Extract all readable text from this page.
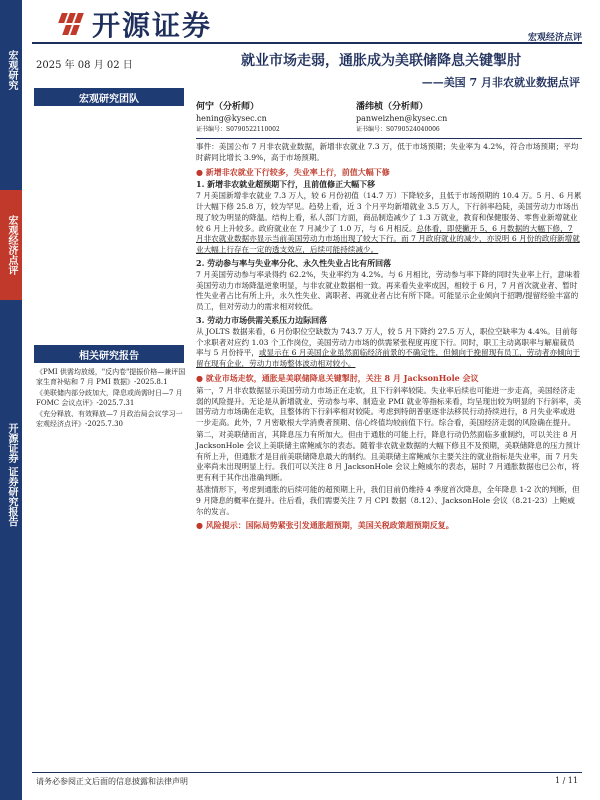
宏观研究
宏观经济点评
开源证券 证券研究报告
开源证券	宏观经济点评
2025 年 08 月 02 日
宏观研究团队
就业市场走弱，通胀成为美联储降息关键掣肘
——美国 7 月非农就业数据点评
何宁（分析师）
hening@kysec.cn
证书编号：S0790522110002
潘纬桢（分析师）
panweizhen@kysec.cn
证书编号：S0790524040006
相关研究报告
《PMI 供需均放缓，"反内卷"提振价格—兼评国家生育补贴和 7 月 PMI 数据》-2025.8.1
《美联储内部分歧加大，降息或尚需时日—7 月 FOMC 会议点评》-2025.7.31
《充分释放、有效释放—7 月政治局会议学习一宏观经济点评》-2025.7.30

事件：美国公布 7 月非农就业数据，新增非农就业 7.3 万，低于市场预期；失业率为 4.2%，符合市场预期；平均时薪同比增长 3.9%，高于市场预期。

● 新增非农就业下行较多，失业率上行，前值大幅下修
1. 新增非农就业超预期下行，且前值修正大幅下移

7 月美国新增非农就业 7.3 万人，较 6 月份初值（14.7 万）下降较多，且低于市场预期的 10.4 万。5 月、6 月累计大幅下修 25.8 万，较为罕见。趋势上看，近 3 个月平均新增就业 3.5 万人，下行斜率趋陡，美国劳动力市场出现了较为明显的降温。结构上看，私人部门方面，商品制造减少了 1.3 万就业，教育和保健服务、零售业新增就业较 6 月上升较多。政府就业在 7 月减少了 1.0 万，与 6 月相反。总体看，即使撇开 5、6 月数据的大幅下修，7 月非农就业数据亦显示当前美国劳动力市场出现了较大下行。而 7 月政府就业的减少，亦说明 6 月份的政府新增就业大幅上行存在一定的透支效应，后续可能持续减少。

2. 劳动参与率与失业率分化、永久性失业占比有所回落

7 月美国劳动参与率录得约 62.2%，失业率约为 4.2%。与 6 月相比，劳动参与率下降的同时失业率上行，意味着美国劳动力市场降温逆象明显，与非农就业数据相一致。再来看失业率成因，相较于 6 月，7 月首次就业者、暂时性失业者占比有所上升，永久性失业、离职者、再就业者占比有所下降。可能显示企业倾向于招聘/提留经验丰富的员工，但对劳动力的需求相对较低。

3. 劳动力市场供需关系压力边际回落

从 JOLTS 数据来看，6 月份职位空缺数为 743.7 万人，较 5 月下降约 27.5 万人，职位空缺率为 4.4%。目前每个求职者对应约 1.03 个工作岗位，美国劳动力市场的供需紧张程度再度下行。同时，职工主动离职率与解雇裁员率与 5 月份持平，或显示在 6 月美国企业虽然面临经济前景的不确定性，但倾向于挽留现有员工，劳动者亦倾向于留在现有企业，劳动力市场整体波动相对较小。

● 就业市场走软，通胀是美联储降息关键掣肘，关注 8 月 JacksonHole 会议

第一，7 月非农数据显示美国劳动力市场正在走软，且下行斜率较陡。失业率后续也可能进一步走高，美国经济走弱的风险提升。无论是从新增就业、劳动参与率、制造业 PMI 就业等指标来看，均呈现出较为明显的下行斜率，美国劳动力市场确在走软，且整体的下行斜率相对较陡。考虑到特朗普驱逐非法移民行动持续进行，8 月失业率或进一步走高。此外，7 月密歇根大学消费者预期、信心终值均较前值下行。综合看，美国经济走弱的风险确在提升。

第二，对美联储而言，其降息压力有所加大。但由于通胀的可能上行，降息行动仍然面临多重制约，可以关注 8 月 JacksonHole 会议上美联储主席鲍威尔的表态。随着非农就业数据的大幅下修且不及预期，美联储降息的压力预计有所上升，但通胀才是目前美联储降息最大的制约。且美联储主席鲍威尔主要关注的就业指标是失业率，而 7 月失业率尚未出现明显上行。我们可以关注 8 月 JacksonHole 会议上鲍威尔的表态，届时 7 月通胀数据也已公布，将更有利于其作出准确判断。

基准情形下，考虑到通胀的后续可能的超预期上升，我们目前仍维持 4 季度首次降息，全年降息 1-2 次的判断，但 9 月降息的概率在提升。往后看，我们需要关注 7 月 CPI 数据（8.12）、JacksonHole 会议（8.21-23）上鲍威尔的发言。

● 风险提示：国际局势紧张引发通胀超预期，美国关税政策超预期反复。
请务必参阅正文后面的信息披露和法律声明	1 / 11
